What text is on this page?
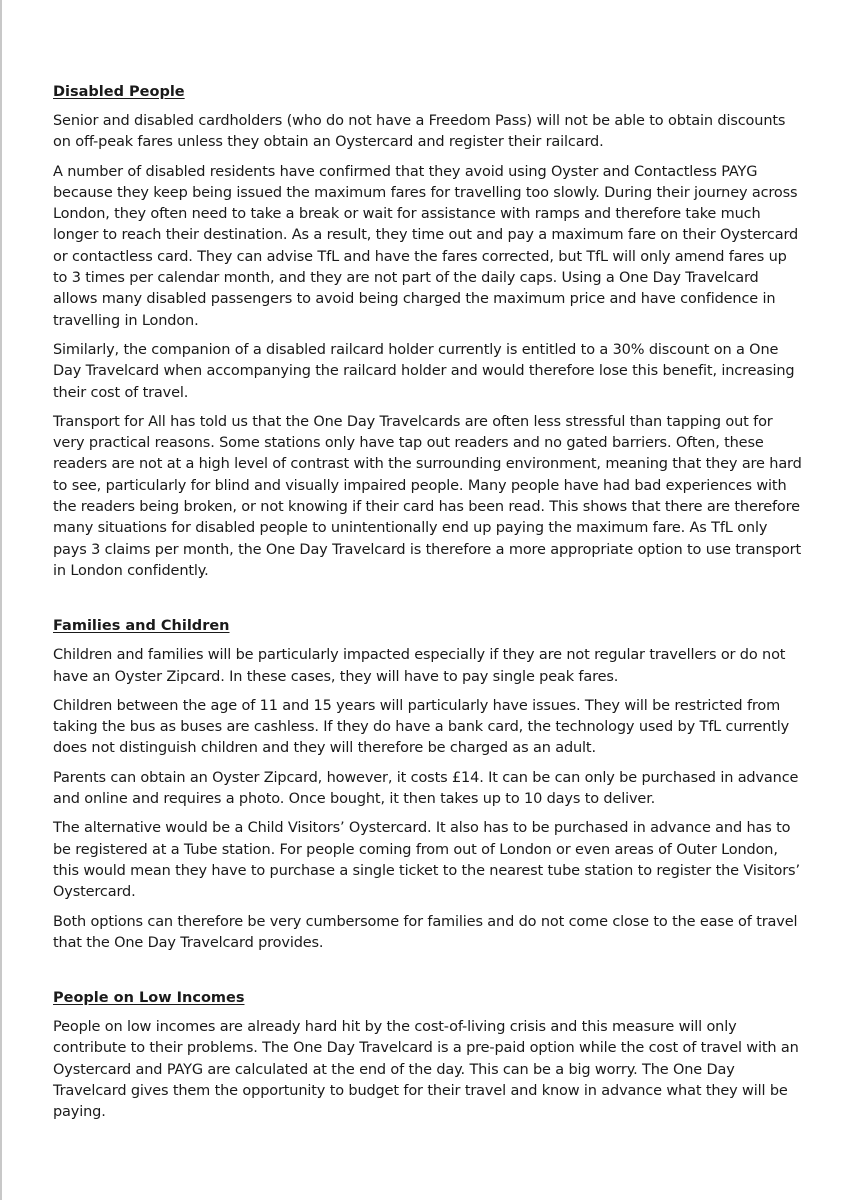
Disabled People

Senior and disabled cardholders (who do not have a Freedom Pass) will not be able to obtain discounts on off-peak fares unless they obtain an Oystercard and register their railcard.

A number of disabled residents have confirmed that they avoid using Oyster and Contactless PAYG because they keep being issued the maximum fares for travelling too slowly. During their journey across London, they often need to take a break or wait for assistance with ramps and therefore take much longer to reach their destination. As a result, they time out and pay a maximum fare on their Oystercard or contactless card. They can advise TfL and have the fares corrected, but TfL will only amend fares up to 3 times per calendar month, and they are not part of the daily caps. Using a One Day Travelcard allows many disabled passengers to avoid being charged the maximum price and have confidence in travelling in London.

Similarly, the companion of a disabled railcard holder currently is entitled to a 30% discount on a One Day Travelcard when accompanying the railcard holder and would therefore lose this benefit, increasing their cost of travel.

Transport for All has told us that the One Day Travelcards are often less stressful than tapping out for very practical reasons. Some stations only have tap out readers and no gated barriers. Often, these readers are not at a high level of contrast with the surrounding environment, meaning that they are hard to see, particularly for blind and visually impaired people. Many people have had bad experiences with the readers being broken, or not knowing if their card has been read. This shows that there are therefore many situations for disabled people to unintentionally end up paying the maximum fare. As TfL only pays 3 claims per month, the One Day Travelcard is therefore a more appropriate option to use transport in London confidently.

Families and Children

Children and families will be particularly impacted especially if they are not regular travellers or do not have an Oyster Zipcard. In these cases, they will have to pay single peak fares.

Children between the age of 11 and 15 years will particularly have issues. They will be restricted from taking the bus as buses are cashless. If they do have a bank card, the technology used by TfL currently does not distinguish children and they will therefore be charged as an adult.

Parents can obtain an Oyster Zipcard, however, it costs £14. It can be can only be purchased in advance and online and requires a photo. Once bought, it then takes up to 10 days to deliver.

The alternative would be a Child Visitors’ Oystercard. It also has to be purchased in advance and has to be registered at a Tube station. For people coming from out of London or even areas of Outer London, this would mean they have to purchase a single ticket to the nearest tube station to register the Visitors’ Oystercard.

Both options can therefore be very cumbersome for families and do not come close to the ease of travel that the One Day Travelcard provides.

People on Low Incomes

People on low incomes are already hard hit by the cost-of-living crisis and this measure will only contribute to their problems. The One Day Travelcard is a pre-paid option while the cost of travel with an Oystercard and PAYG are calculated at the end of the day. This can be a big worry. The One Day Travelcard gives them the opportunity to budget for their travel and know in advance what they will be paying.
